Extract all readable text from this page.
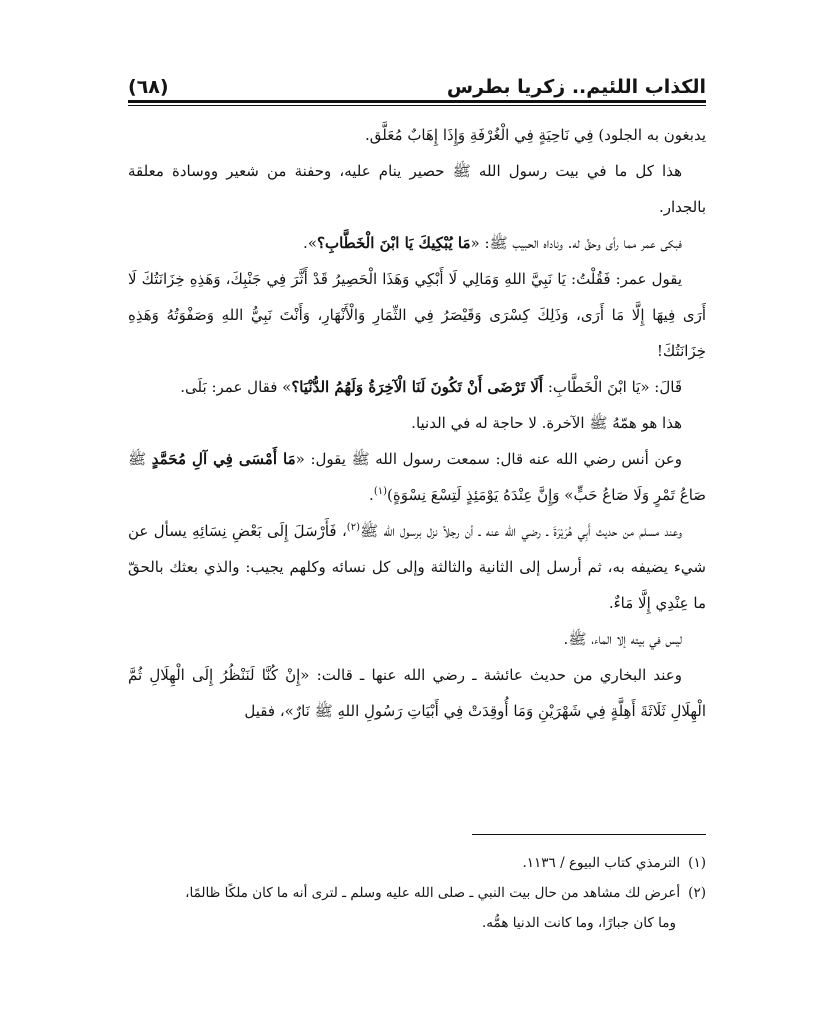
الكذاب اللئيم.. زكريا بطرس
(٦٨)

يدبغون به الجلود) فِي نَاحِيَةٍ فِي الْغُرْفَةِ وَإِذَا إِهَابٌ مُعَلَّق.

هذا كل ما في بيت رسول الله ﷺ حصير ينام عليه، وحفنة من شعير ووسادة معلقة بالجدار.

فبكى عمر مما رأى وحقَّ له. وناداه الحبيب ﷺ: «مَا يُبْكِيكَ يَا ابْنَ الْخَطَّابِ؟».

يقول عمر: فَقُلْتُ: يَا نَبِيَّ اللهِ وَمَالِي لَا أَبْكِي وَهَذَا الْحَصِيرُ قَدْ أَثَّرَ فِي جَنْبِكَ، وَهَذِهِ خِزَانَتُكَ لَا أَرَى فِيهَا إِلَّا مَا أَرَى، وَذَلِكَ كِسْرَى وَقَيْصَرُ فِي الثِّمَارِ وَالْأَنْهَارِ، وَأَنْتَ نَبِيُّ اللهِ وَصَفْوَتُهُ وَهَذِهِ خِزَانَتُكَ!

قَالَ: «يَا ابْنَ الْخَطَّابِ: أَلَا تَرْضَى أَنْ تَكُونَ لَنَا الْآخِرَةُ وَلَهُمُ الدُّنْيَا؟» فقال عمر: بَلَى.

هذا هو همّهُ ﷺ الآخرة. لا حاجة له في الدنيا.

وعن أنس رضي الله عنه قال: سمعت رسول الله ﷺ يقول: «مَا أَمْسَى فِي آلِ مُحَمَّدٍ ﷺ صَاعُ تَمْرٍ وَلَا صَاعُ حَبٍّ» وَإِنَّ عِنْدَهُ يَوْمَئِذٍ لَتِسْعَ نِسْوَةٍ)$^{(١)}$.

وعند مسلم من حديث أَبِي هُرَيْرَةَ ـ رضي الله عنه ـ أن رجلاً نزل برسول الله ﷺ$^{(٢)}$، فَأَرْسَلَ إِلَى بَعْضِ نِسَائِهِ يسأل عن شيء يضيفه به، ثم أرسل إلى الثانية والثالثة وإلى كل نسائه وكلهم يجيب: والذي بعثك بالحقّ ما عِنْدِي إِلَّا مَاءٌ.

ليس في بيته إلا الماء، ﷺ.

وعند البخاري من حديث عائشة ـ رضي الله عنها ـ قالت: «إِنْ كُنَّا لَنَنْظُرُ إِلَى الْهِلَالِ ثُمَّ الْهِلَالِ ثَلَاثَةَ أَهِلَّةٍ فِي شَهْرَيْنِ وَمَا أُوقِدَتْ فِي أَبْيَاتِ رَسُولِ اللهِ ﷺ نَارٌ»، فقيل

(١)الترمذي كتاب البيوع / ١١٣٦.

(٢)أعرض لك مشاهد من حال بيت النبي ـ صلى الله عليه وسلم ـ لترى أنه ما كان ملكًا ظالمًا،

وما كان جبارًا، وما كانت الدنيا همُّه.
